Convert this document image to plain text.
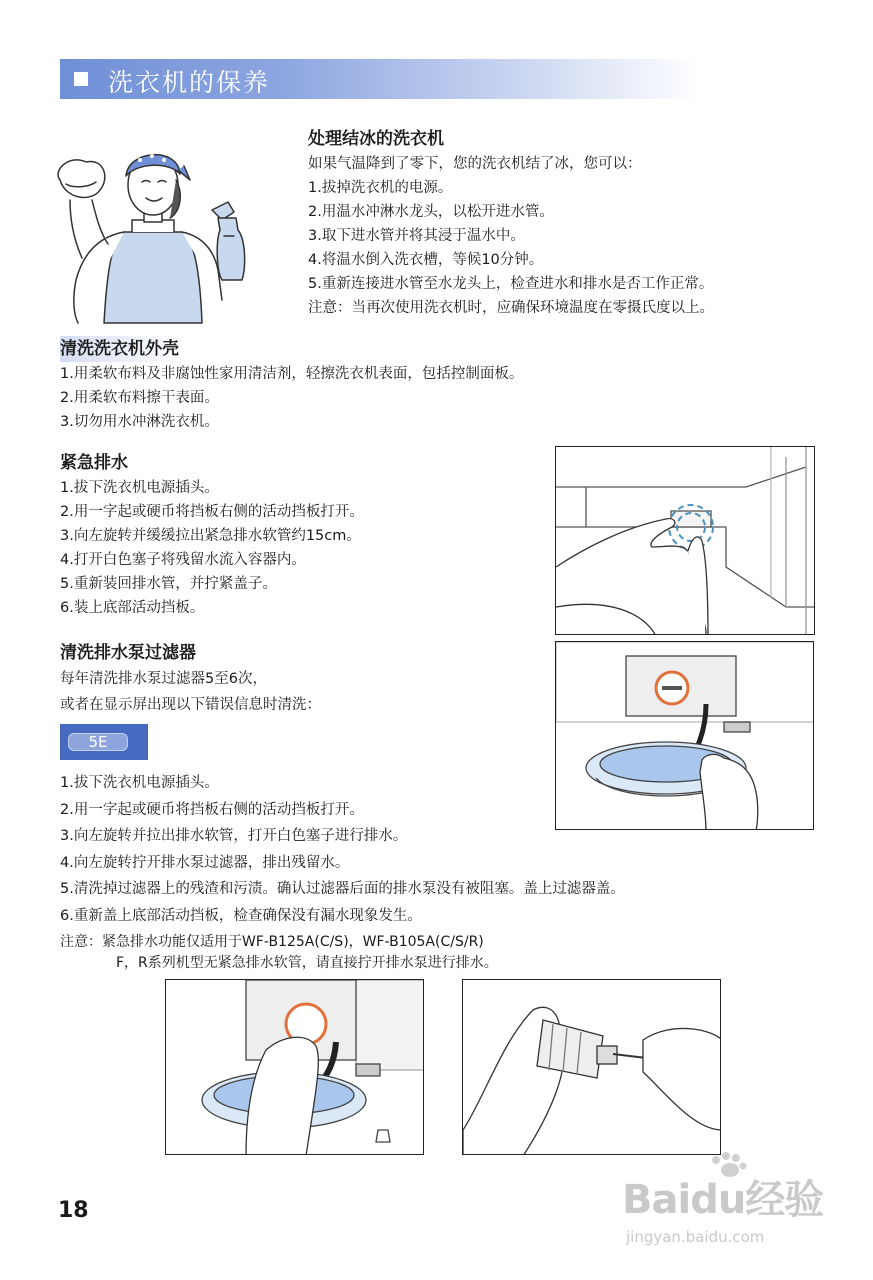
洗衣机的保养
处理结冰的洗衣机
如果气温降到了零下，您的洗衣机结了冰，您可以：
1.拔掉洗衣机的电源。
2.用温水冲淋水龙头，以松开进水管。
3.取下进水管并将其浸于温水中。
4.将温水倒入洗衣槽，等候10分钟。
5.重新连接进水管至水龙头上，检查进水和排水是否工作正常。
注意：当再次使用洗衣机时，应确保环境温度在零摄氏度以上。
清洗洗衣机外壳
1.用柔软布料及非腐蚀性家用清洁剂，轻擦洗衣机表面，包括控制面板。
2.用柔软布料擦干表面。
3.切勿用水冲淋洗衣机。
紧急排水
1.拔下洗衣机电源插头。
2.用一字起或硬币将挡板右侧的活动挡板打开。
3.向左旋转并缓缓拉出紧急排水软管约15cm。
4.打开白色塞子将残留水流入容器内。
5.重新装回排水管，并拧紧盖子。
6.装上底部活动挡板。
清洗排水泵过滤器
每年清洗排水泵过滤器5至6次，
或者在显示屏出现以下错误信息时清洗：
5E
1.拔下洗衣机电源插头。
2.用一字起或硬币将挡板右侧的活动挡板打开。
3.向左旋转并拉出排水软管，打开白色塞子进行排水。
4.向左旋转拧开排水泵过滤器，排出残留水。
5.清洗掉过滤器上的残渣和污渍。确认过滤器后面的排水泵没有被阻塞。盖上过滤器盖。
6.重新盖上底部活动挡板，检查确保没有漏水现象发生。
注意：紧急排水功能仅适用于WF-B125A(C/S)，WF-B105A(C/S/R)
F，R系列机型无紧急排水软管，请直接拧开排水泵进行排水。
18	Baidu经验
jingyan.baidu.com
